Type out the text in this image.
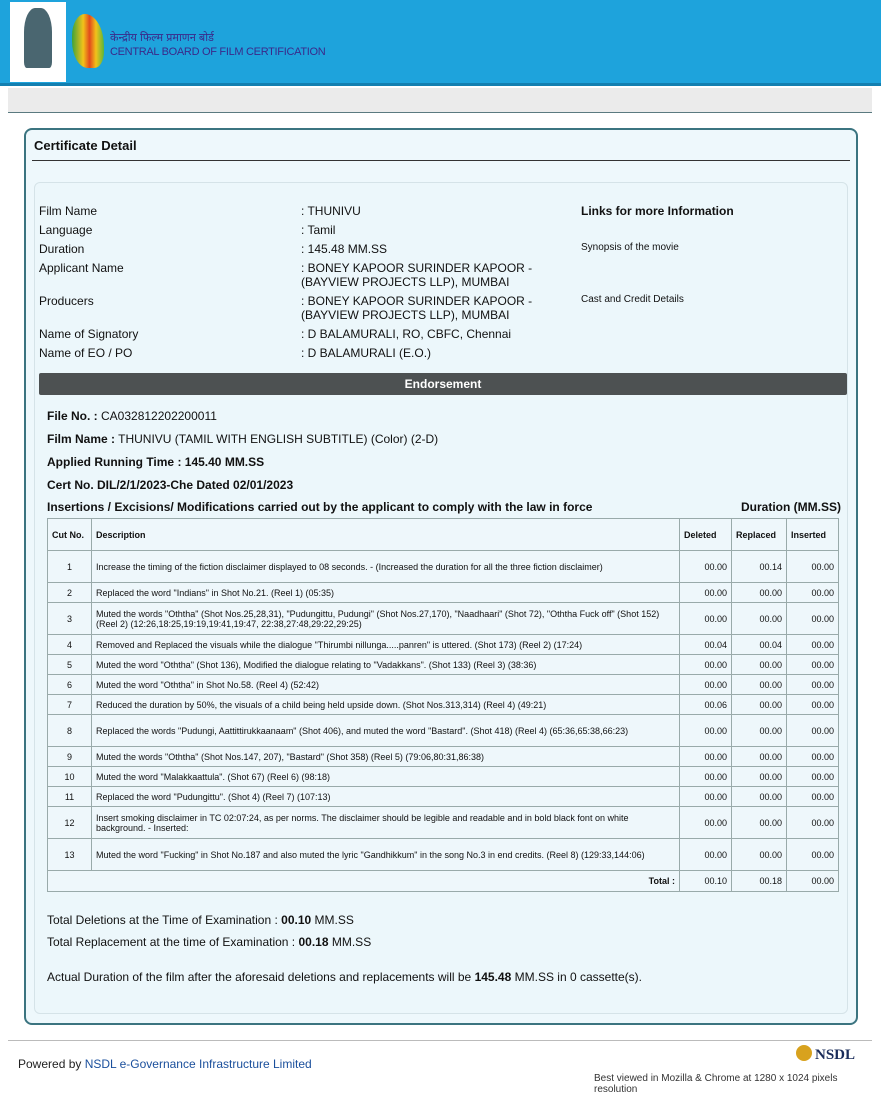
केन्द्रीय फिल्म प्रमाणन बोर्ड
CENTRAL BOARD OF FILM CERTIFICATION
Certificate Detail
Film Name	: THUNIVU
Language	: Tamil
Duration	: 145.48 MM.SS
Applicant Name	: BONEY KAPOOR SURINDER KAPOOR - (BAYVIEW PROJECTS LLP), MUMBAI
Producers	: BONEY KAPOOR SURINDER KAPOOR - (BAYVIEW PROJECTS LLP), MUMBAI
Name of Signatory	: D BALAMURALI, RO, CBFC, Chennai
Name of EO / PO	: D BALAMURALI (E.O.)
Links for more Information
Synopsis of the movie
Cast and Credit Details
Endorsement
File No. : CA032812202200011
Film Name : THUNIVU (TAMIL WITH ENGLISH SUBTITLE) (Color) (2-D)
Applied Running Time : 145.40 MM.SS
Cert No. DIL/2/1/2023-Che Dated 02/01/2023
Insertions / Excisions/ Modifications carried out by the applicant to comply with the law in force	Duration (MM.SS)
Cut No.	Description	Deleted	Replaced	Inserted
1	Increase the timing of the fiction disclaimer displayed to 08 seconds. - (Increased the duration for all the three fiction disclaimer)	00.00	00.14	00.00
2	Replaced the word "Indians" in Shot No.21. (Reel 1) (05:35)	00.00	00.00	00.00
3	Muted the words "Oththa" (Shot Nos.25,28,31), "Pudungittu, Pudungi" (Shot Nos.27,170), "Naadhaari" (Shot 72), "Oththa Fuck off" (Shot 152) (Reel 2) (12:26,18:25,19:19,19:41,19:47, 22:38,27:48,29:22,29:25)	00.00	00.00	00.00
4	Removed and Replaced the visuals while the dialogue "Thirumbi nillunga.....panren" is uttered. (Shot 173) (Reel 2) (17:24)	00.04	00.04	00.00
5	Muted the word "Oththa" (Shot 136), Modified the dialogue relating to "Vadakkans". (Shot 133) (Reel 3) (38:36)	00.00	00.00	00.00
6	Muted the word "Oththa" in Shot No.58. (Reel 4) (52:42)	00.00	00.00	00.00
7	Reduced the duration by 50%, the visuals of a child being held upside down. (Shot Nos.313,314) (Reel 4) (49:21)	00.06	00.00	00.00
8	Replaced the words "Pudungi, Aattittirukkaanaam" (Shot 406), and muted the word "Bastard". (Shot 418) (Reel 4) (65:36,65:38,66:23)	00.00	00.00	00.00
9	Muted the words "Oththa" (Shot Nos.147, 207), "Bastard" (Shot 358) (Reel 5) (79:06,80:31,86:38)	00.00	00.00	00.00
10	Muted the word "Malakkaattula". (Shot 67) (Reel 6) (98:18)	00.00	00.00	00.00
11	Replaced the word "Pudungittu". (Shot 4) (Reel 7) (107:13)	00.00	00.00	00.00
12	Insert smoking disclaimer in TC 02:07:24, as per norms. The disclaimer should be legible and readable and in bold black font on white background. - Inserted:	00.00	00.00	00.00
13	Muted the word "Fucking" in Shot No.187 and also muted the lyric "Gandhikkum" in the song No.3 in end credits. (Reel 8) (129:33,144:06)	00.00	00.00	00.00
Total :		00.10	00.18	00.00
Total Deletions at the Time of Examination : 00.10 MM.SS
Total Replacement at the time of Examination : 00.18 MM.SS
Actual Duration of the film after the aforesaid deletions and replacements will be 145.48 MM.SS in 0 cassette(s).
Powered by NSDL e-Governance Infrastructure Limited
NSDL
Best viewed in Mozilla & Chrome at 1280 x 1024 pixels resolution
